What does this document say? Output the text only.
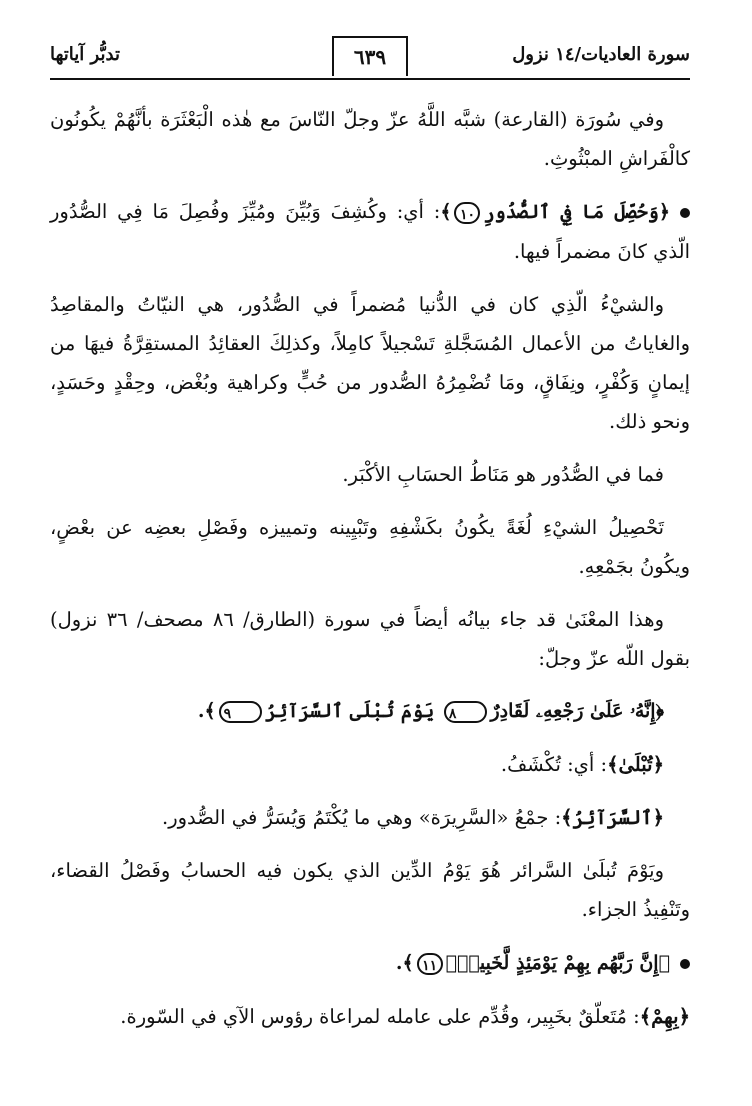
سورة العاديات/١٤ نزول
٦٣٩
تدبُّر آياتها

وفي سُورَة (القارعة) شبَّه اللَّهُ عزّ وجلّ النّاسَ مع هٰذه الْبَعْثَرَة بأنَّهُمْ يكُونُون كالْفَراشِ المبْثُوثِ.

﴿وَحُصِّلَ مَا فِي ٱلصُّدُورِ١٠﴾: أي: وكُشِفَ وَبُيِّنَ ومُيِّزَ وفُصِلَ مَا فِي الصُّدُور الّذي كانَ مضمراً فيها.

والشيْءُ الّذِي كان في الدُّنيا مُضمراً في الصُّدُور، هي النيّاتُ والمقاصِدُ والغاياتُ من الأعمال المُسَجَّلةِ تَسْجيلاً كامِلاً، وكذلِكَ العقائِدُ المستقِرَّةُ فيهَا من إيمانٍ وَكُفْرٍ، ونِفَاقٍ، ومَا تُضْمِرُهُ الصُّدور من حُبٍّ وكراهية وبُغْض، وحِقْدٍ وحَسَدٍ، ونحو ذلك.

فما في الصُّدُور هو مَنَاطُ الحسَابِ الأكْبَر.

تَحْصِيلُ الشيْءِ لُغَةً يكُونُ بكَشْفِهِ وتَبْيِينه وتمييزه وفَصْلِ بعضِه عن بعْضٍ، ويكُونُ بجَمْعِهِ.

وهذا المعْنَىٰ قد جاء بيانُه أيضاً في سورة (الطارق/ ٨٦ مصحف/ ٣٦ نزول) بقول اللّه عزّ وجلّ:

﴿إِنَّهُۥ عَلَىٰ رَجْعِهِۦ لَقَادِرٌ٨ يَوْمَ تُبْلَى ٱلسَّرَآئِرُ٩﴾.

﴿تُبْلَىٰ﴾: أي: تُكْشَفُ.

﴿ٱلسَّرَآئِرُ﴾: جمْعُ «السَّرِيرَة» وهي ما يُكْتَمُ وَيُسَرُّ في الصُّدور.

ويَوْمَ تُبلَىٰ السَّرائر هُوَ يَوْمُ الدِّين الذي يكون فيه الحسابُ وفَصْلُ القضاء، وتَنْفِيذُ الجزاء.

﴿إِنَّ رَبَّهُم بِهِمْ يَوْمَئِذٍ لَّخَبِيرٌۢ١١﴾.

﴿بِهِمْ﴾: مُتَعلّقٌ بخَبِير، وقُدِّم على عامله لمراعاة رؤوس الآي في السّورة.
